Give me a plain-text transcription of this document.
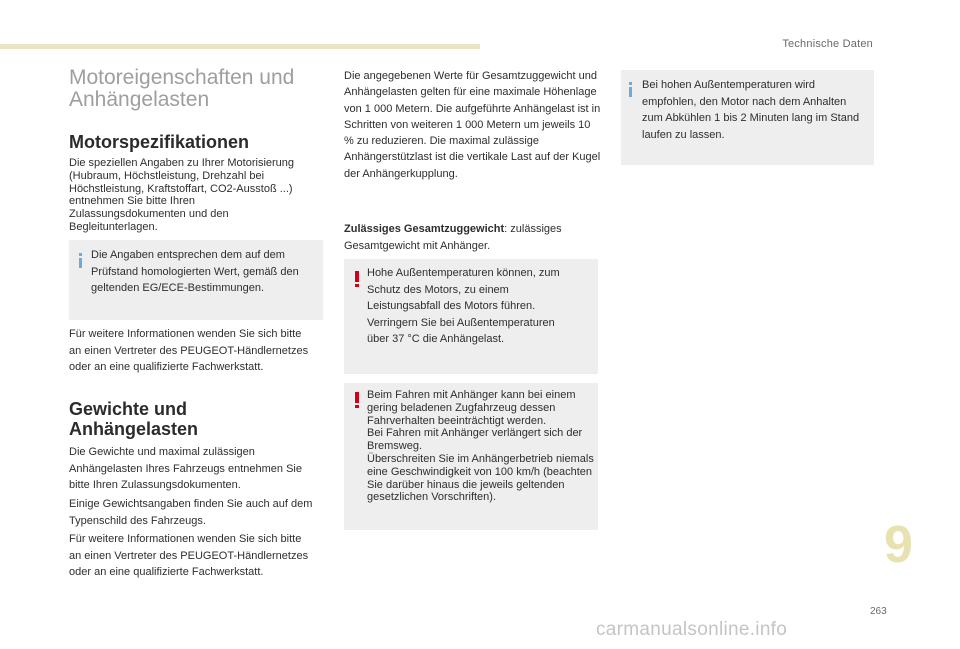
Technische Daten
Motoreigenschaften und Anhängelasten
Motorspezifikationen

Die speziellen Angaben zu Ihrer Motorisierung (Hubraum, Höchstleistung, Drehzahl bei Höchstleistung, Kraftstoffart, CO2-Ausstoß ...) entnehmen Sie bitte Ihren Zulassungsdokumenten und den Begleitunterlagen.

Die Angaben entsprechen dem auf dem Prüfstand homologierten Wert, gemäß den geltenden EG/ECE-Bestimmungen.

Für weitere Informationen wenden Sie sich bitte an einen Vertreter des PEUGEOT-Händlernetzes oder an eine qualifizierte Fachwerkstatt.

Gewichte und Anhängelasten

Die Gewichte und maximal zulässigen Anhängelasten Ihres Fahrzeugs entnehmen Sie bitte Ihren Zulassungsdokumenten.

Einige Gewichtsangaben finden Sie auch auf dem Typenschild des Fahrzeugs.

Für weitere Informationen wenden Sie sich bitte an einen Vertreter des PEUGEOT-Händlernetzes oder an eine qualifizierte Fachwerkstatt.

Die angegebenen Werte für Gesamtzuggewicht und Anhängelasten gelten für eine maximale Höhenlage von 1 000 Metern. Die aufgeführte Anhängelast ist in Schritten von weiteren 1 000 Metern um jeweils 10 % zu reduzieren. Die maximal zulässige Anhängerstützlast ist die vertikale Last auf der Kugel der Anhängerkupplung.

Zulässiges Gesamtzuggewicht: zulässiges Gesamtgewicht mit Anhänger.

Hohe Außentemperaturen können, zum Schutz des Motors, zu einem Leistungsabfall des Motors führen. Verringern Sie bei Außentemperaturen über 37 °C die Anhängelast.

Beim Fahren mit Anhänger kann bei einem gering beladenen Zugfahrzeug dessen Fahrverhalten beeinträchtigt werden.
Bei Fahren mit Anhänger verlängert sich der Bremsweg.
Überschreiten Sie im Anhängerbetrieb niemals eine Geschwindigkeit von 100 km/h (beachten Sie darüber hinaus die jeweils geltenden gesetzlichen Vorschriften).

Bei hohen Außentemperaturen wird empfohlen, den Motor nach dem Anhalten zum Abkühlen 1 bis 2 Minuten lang im Stand laufen zu lassen.

9
263
carmanualsonline.info
